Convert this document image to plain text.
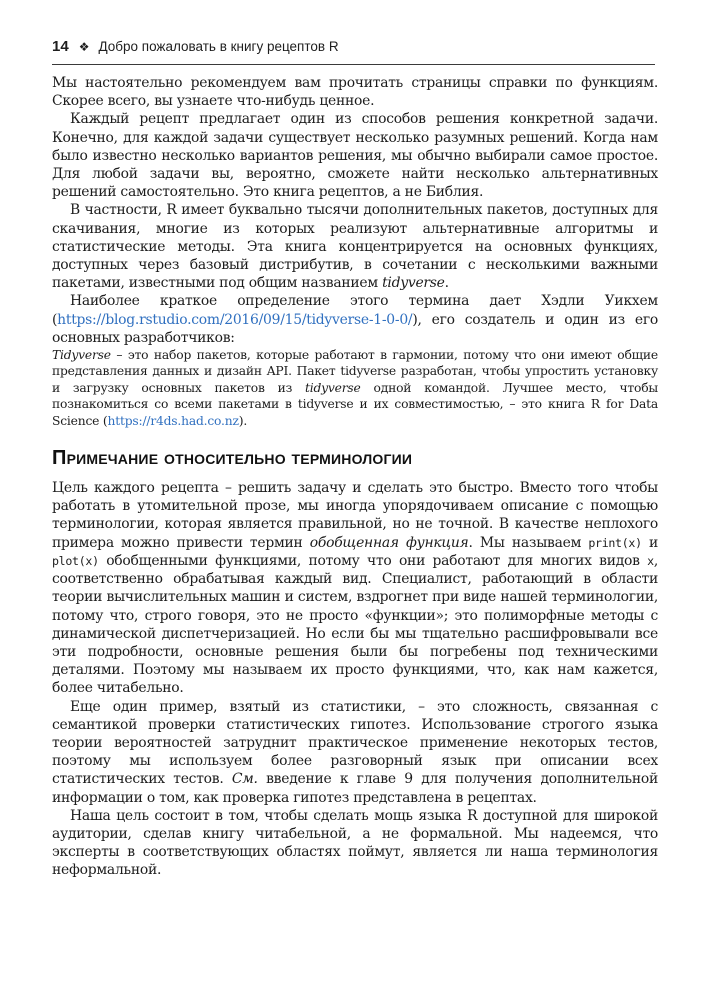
14 ❖ Добро пожаловать в книгу рецептов R

Мы настоятельно рекомендуем вам прочитать страницы справки по функциям. Скорее всего, вы узнаете что-нибудь ценное.

Каждый рецепт предлагает один из способов решения конкретной задачи. Конечно, для каждой задачи существует несколько разумных решений. Когда нам было известно несколько вариантов решения, мы обычно выбирали самое простое. Для любой задачи вы, вероятно, сможете найти несколько альтернативных решений самостоятельно. Это книга рецептов, а не Библия.

В частности, R имеет буквально тысячи дополнительных пакетов, доступных для скачивания, многие из которых реализуют альтернативные алгоритмы и статистические методы. Эта книга концентрируется на основных функциях, доступных через базовый дистрибутив, в сочетании с несколькими важными пакетами, известными под общим названием tidyverse.

Наиболее краткое определение этого термина дает Хэдли Уикхем (https://blog.rstudio.com/2016/09/15/tidyverse-1-0-0/), его создатель и один из его основных разработчиков:

Tidyverse – это набор пакетов, которые работают в гармонии, потому что они имеют общие представления данных и дизайн API. Пакет tidyverse разработан, чтобы упростить установку и загрузку основных пакетов из tidyverse одной командой. Лучшее место, чтобы познакомиться со всеми пакетами в tidyverse и их совместимостью, – это книга R for Data Science (https://r4ds.had.co.nz).

Примечание относительно терминологии

Цель каждого рецепта – решить задачу и сделать это быстро. Вместо того чтобы работать в утомительной прозе, мы иногда упорядочиваем описание с помощью терминологии, которая является правильной, но не точной. В качестве неплохого примера можно привести термин обобщенная функция. Мы называем print(x) и plot(x) обобщенными функциями, потому что они работают для многих видов x, соответственно обрабатывая каждый вид. Специалист, работающий в области теории вычислительных машин и систем, вздрогнет при виде нашей терминологии, потому что, строго говоря, это не просто «функции»; это полиморфные методы с динамической диспетчеризацией. Но если бы мы тщательно расшифровывали все эти подробности, основные решения были бы погребены под техническими деталями. Поэтому мы называем их просто функциями, что, как нам кажется, более читабельно.

Еще один пример, взятый из статистики, – это сложность, связанная с семантикой проверки статистических гипотез. Использование строгого языка теории вероятностей затруднит практическое применение некоторых тестов, поэтому мы используем более разговорный язык при описании всех статистических тестов. См. введение к главе 9 для получения дополнительной информации о том, как проверка гипотез представлена в рецептах.

Наша цель состоит в том, чтобы сделать мощь языка R доступной для широкой аудитории, сделав книгу читабельной, а не формальной. Мы надеемся, что эксперты в соответствующих областях поймут, является ли наша терминология неформальной.
